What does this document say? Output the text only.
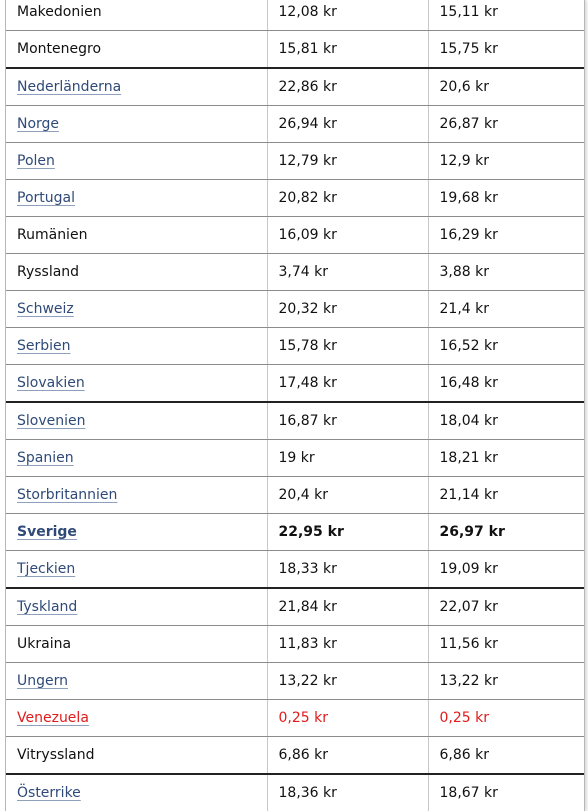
Makedonien	12,08 kr	15,11 kr
Montenegro	15,81 kr	15,75 kr
Nederländerna	22,86 kr	20,6 kr
Norge	26,94 kr	26,87 kr
Polen	12,79 kr	12,9 kr
Portugal	20,82 kr	19,68 kr
Rumänien	16,09 kr	16,29 kr
Ryssland	3,74 kr	3,88 kr
Schweiz	20,32 kr	21,4 kr
Serbien	15,78 kr	16,52 kr
Slovakien	17,48 kr	16,48 kr
Slovenien	16,87 kr	18,04 kr
Spanien	19 kr	18,21 kr
Storbritannien	20,4 kr	21,14 kr
Sverige	22,95 kr	26,97 kr
Tjeckien	18,33 kr	19,09 kr
Tyskland	21,84 kr	22,07 kr
Ukraina	11,83 kr	11,56 kr
Ungern	13,22 kr	13,22 kr
Venezuela	0,25 kr	0,25 kr
Vitryssland	6,86 kr	6,86 kr
Österrike	18,36 kr	18,67 kr
